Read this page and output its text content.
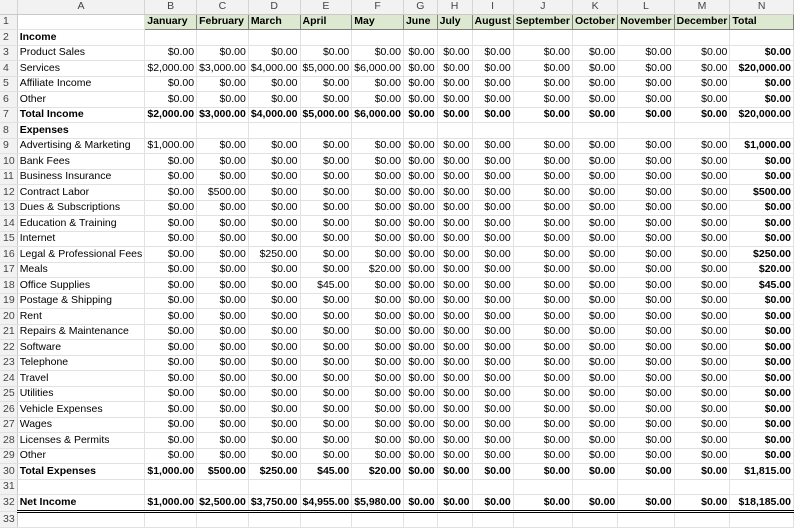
	A	B	C	D	E	F	G	H	I	J	K	L	M	N
1		January	February	March	April	May	June	July	August	September	October	November	December	Total
2	Income													
3	Product Sales	$0.00	$0.00	$0.00	$0.00	$0.00	$0.00	$0.00	$0.00	$0.00	$0.00	$0.00	$0.00	$0.00
4	Services	$2,000.00	$3,000.00	$4,000.00	$5,000.00	$6,000.00	$0.00	$0.00	$0.00	$0.00	$0.00	$0.00	$0.00	$20,000.00
5	Affiliate Income	$0.00	$0.00	$0.00	$0.00	$0.00	$0.00	$0.00	$0.00	$0.00	$0.00	$0.00	$0.00	$0.00
6	Other	$0.00	$0.00	$0.00	$0.00	$0.00	$0.00	$0.00	$0.00	$0.00	$0.00	$0.00	$0.00	$0.00
7	Total Income	$2,000.00	$3,000.00	$4,000.00	$5,000.00	$6,000.00	$0.00	$0.00	$0.00	$0.00	$0.00	$0.00	$0.00	$20,000.00
8	Expenses													
9	Advertising & Marketing	$1,000.00	$0.00	$0.00	$0.00	$0.00	$0.00	$0.00	$0.00	$0.00	$0.00	$0.00	$0.00	$1,000.00
10	Bank Fees	$0.00	$0.00	$0.00	$0.00	$0.00	$0.00	$0.00	$0.00	$0.00	$0.00	$0.00	$0.00	$0.00
11	Business Insurance	$0.00	$0.00	$0.00	$0.00	$0.00	$0.00	$0.00	$0.00	$0.00	$0.00	$0.00	$0.00	$0.00
12	Contract Labor	$0.00	$500.00	$0.00	$0.00	$0.00	$0.00	$0.00	$0.00	$0.00	$0.00	$0.00	$0.00	$500.00
13	Dues & Subscriptions	$0.00	$0.00	$0.00	$0.00	$0.00	$0.00	$0.00	$0.00	$0.00	$0.00	$0.00	$0.00	$0.00
14	Education & Training	$0.00	$0.00	$0.00	$0.00	$0.00	$0.00	$0.00	$0.00	$0.00	$0.00	$0.00	$0.00	$0.00
15	Internet	$0.00	$0.00	$0.00	$0.00	$0.00	$0.00	$0.00	$0.00	$0.00	$0.00	$0.00	$0.00	$0.00
16	Legal & Professional Fees	$0.00	$0.00	$250.00	$0.00	$0.00	$0.00	$0.00	$0.00	$0.00	$0.00	$0.00	$0.00	$250.00
17	Meals	$0.00	$0.00	$0.00	$0.00	$20.00	$0.00	$0.00	$0.00	$0.00	$0.00	$0.00	$0.00	$20.00
18	Office Supplies	$0.00	$0.00	$0.00	$45.00	$0.00	$0.00	$0.00	$0.00	$0.00	$0.00	$0.00	$0.00	$45.00
19	Postage & Shipping	$0.00	$0.00	$0.00	$0.00	$0.00	$0.00	$0.00	$0.00	$0.00	$0.00	$0.00	$0.00	$0.00
20	Rent	$0.00	$0.00	$0.00	$0.00	$0.00	$0.00	$0.00	$0.00	$0.00	$0.00	$0.00	$0.00	$0.00
21	Repairs & Maintenance	$0.00	$0.00	$0.00	$0.00	$0.00	$0.00	$0.00	$0.00	$0.00	$0.00	$0.00	$0.00	$0.00
22	Software	$0.00	$0.00	$0.00	$0.00	$0.00	$0.00	$0.00	$0.00	$0.00	$0.00	$0.00	$0.00	$0.00
23	Telephone	$0.00	$0.00	$0.00	$0.00	$0.00	$0.00	$0.00	$0.00	$0.00	$0.00	$0.00	$0.00	$0.00
24	Travel	$0.00	$0.00	$0.00	$0.00	$0.00	$0.00	$0.00	$0.00	$0.00	$0.00	$0.00	$0.00	$0.00
25	Utilities	$0.00	$0.00	$0.00	$0.00	$0.00	$0.00	$0.00	$0.00	$0.00	$0.00	$0.00	$0.00	$0.00
26	Vehicle Expenses	$0.00	$0.00	$0.00	$0.00	$0.00	$0.00	$0.00	$0.00	$0.00	$0.00	$0.00	$0.00	$0.00
27	Wages	$0.00	$0.00	$0.00	$0.00	$0.00	$0.00	$0.00	$0.00	$0.00	$0.00	$0.00	$0.00	$0.00
28	Licenses & Permits	$0.00	$0.00	$0.00	$0.00	$0.00	$0.00	$0.00	$0.00	$0.00	$0.00	$0.00	$0.00	$0.00
29	Other	$0.00	$0.00	$0.00	$0.00	$0.00	$0.00	$0.00	$0.00	$0.00	$0.00	$0.00	$0.00	$0.00
30	Total Expenses	$1,000.00	$500.00	$250.00	$45.00	$20.00	$0.00	$0.00	$0.00	$0.00	$0.00	$0.00	$0.00	$1,815.00
31														
32	Net Income	$1,000.00	$2,500.00	$3,750.00	$4,955.00	$5,980.00	$0.00	$0.00	$0.00	$0.00	$0.00	$0.00	$0.00	$18,185.00
33														
